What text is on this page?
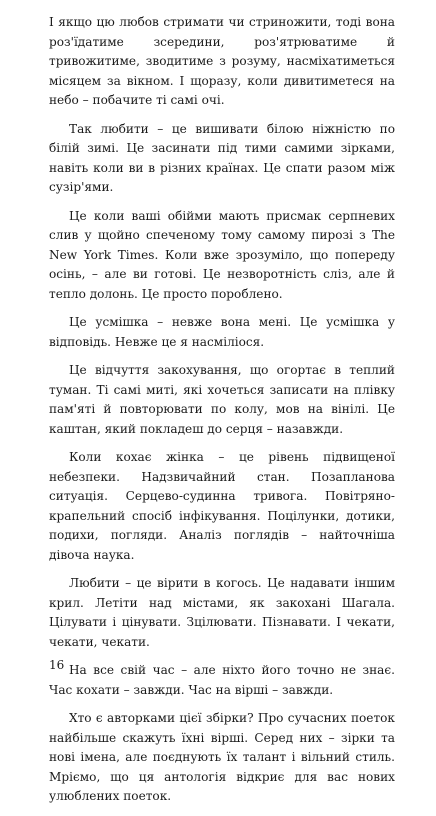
І якщо цю любов стримати чи стриножити, тоді вона роз'їдатиме зсередини, роз'ятрюватиме й тривожитиме, зводитиме з розуму, насміхатиметься місяцем за вікном. І щоразу, коли дивитиметеся на небо – побачите ті самі очі.

Так любити – це вишивати білою ніжністю по білій зимі. Це засинати під тими самими зірками, навіть коли ви в різних країнах. Це спати разом між сузір'ями.

Це коли ваші обійми мають присмак серпневих слив у щойно спеченому тому самому пирозі з The New York Times. Коли вже зрозуміло, що попереду осінь, – але ви готові. Це незворотність сліз, але й тепло долонь. Це просто пороблено.

Це усмішка – невже вона мені. Це усмішка у відповідь. Невже це я насміліося.

Це відчуття закохування, що огортає в теплий туман. Ті самі миті, які хочеться записати на плівку пам'яті й повторювати по колу, мов на вінілі. Це каштан, який покладеш до серця – назавжди.

Коли кохає жінка – це рівень підвищеної небезпеки. Надзвичайний стан. Позапланова ситуація. Серцево-судинна тривога. Повітряно-крапельний спосіб інфікування. Поцілунки, дотики, подихи, погляди. Аналіз поглядів – найточніша дівоча наука.

Любити – це вірити в когось. Це надавати іншим крил. Летіти над містами, як закохані Шагала. Цілувати і цінувати. Зцілювати. Пізнавати. І чекати, чекати, чекати.

На все свій час – але ніхто його точно не знає. Час кохати – завжди. Час на вірші – завжди.

Хто є авторками цієї збірки? Про сучасних поеток найбільше скажуть їхні вірші. Серед них – зірки та нові імена, але поєднують їх талант і вільний стиль. Мріємо, що ця антологія відкриє для вас нових улюблених поеток.

16
